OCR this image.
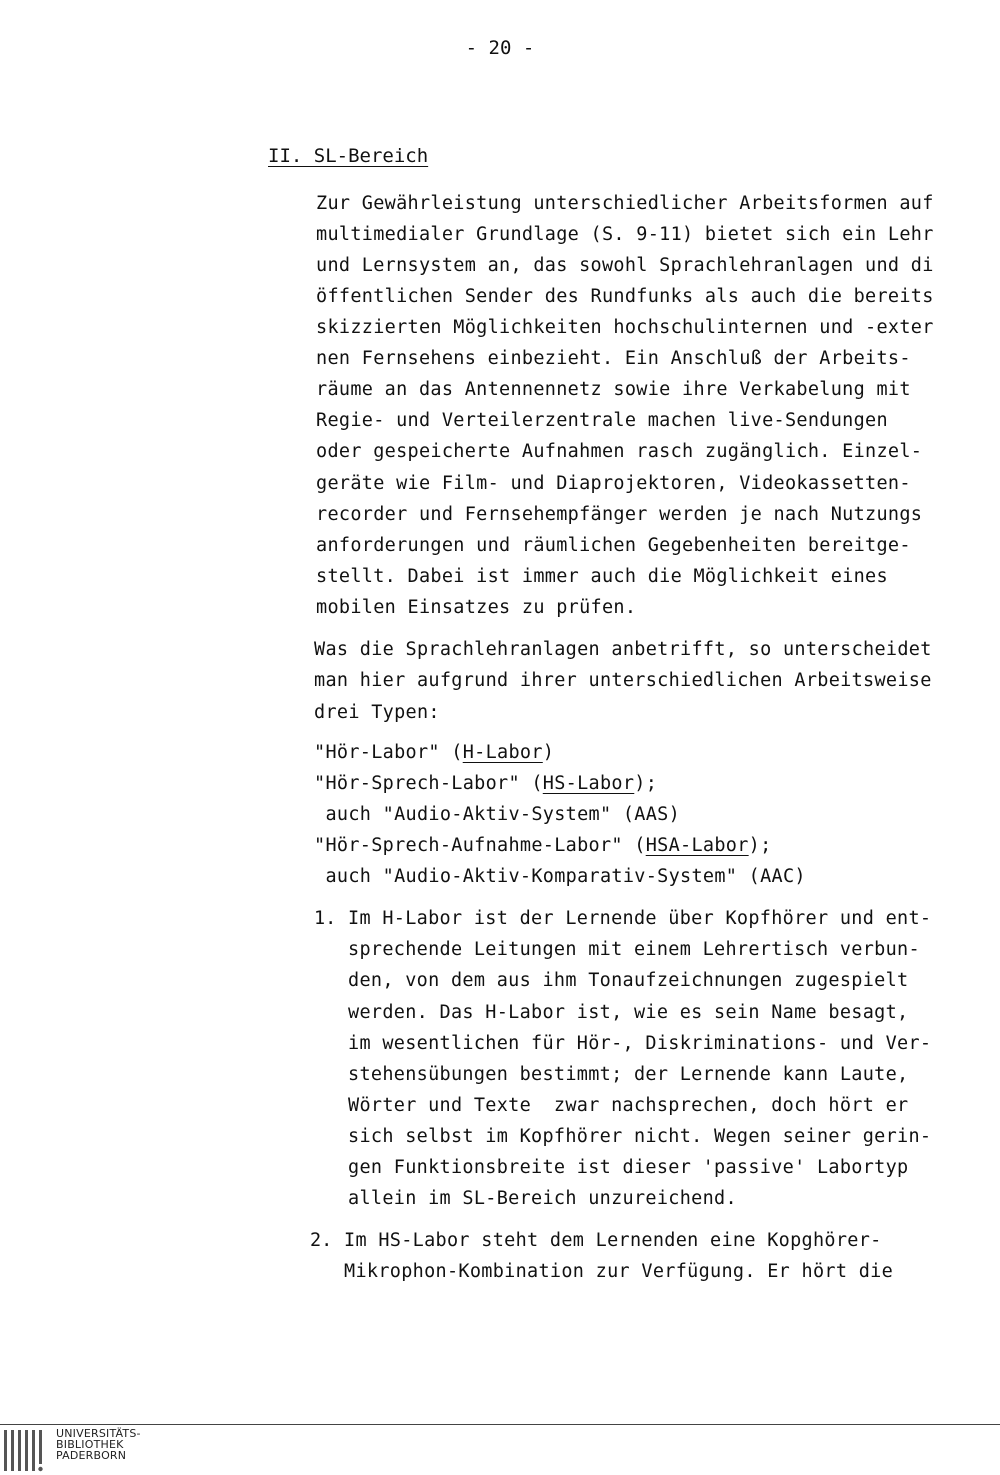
- 20 -
II. SL-Bereich
Zur Gewährleistung unterschiedlicher Arbeitsformen auf
multimedialer Grundlage (S. 9-11) bietet sich ein Lehr
und Lernsystem an, das sowohl Sprachlehranlagen und di
öffentlichen Sender des Rundfunks als auch die bereits
skizzierten Möglichkeiten hochschulinternen und -exter
nen Fernsehens einbezieht. Ein Anschluß der Arbeits-
räume an das Antennennetz sowie ihre Verkabelung mit
Regie- und Verteilerzentrale machen live-Sendungen
oder gespeicherte Aufnahmen rasch zugänglich. Einzel-
geräte wie Film- und Diaprojektoren, Videokassetten-
recorder und Fernsehempfänger werden je nach Nutzungs
anforderungen und räumlichen Gegebenheiten bereitge-
stellt. Dabei ist immer auch die Möglichkeit eines
mobilen Einsatzes zu prüfen.
Was die Sprachlehranlagen anbetrifft, so unterscheidet
man hier aufgrund ihrer unterschiedlichen Arbeitsweise
drei Typen:
"Hör-Labor" (H-Labor)
"Hör-Sprech-Labor" (HS-Labor);
auch "Audio-Aktiv-System" (AAS)
"Hör-Sprech-Aufnahme-Labor" (HSA-Labor);
auch "Audio-Aktiv-Komparativ-System" (AAC)
1. Im H-Labor ist der Lernende über Kopfhörer und ent-
sprechende Leitungen mit einem Lehrertisch verbun-
den, von dem aus ihm Tonaufzeichnungen zugespielt
werden. Das H-Labor ist, wie es sein Name besagt,
im wesentlichen für Hör-, Diskriminations- und Ver-
stehensübungen bestimmt; der Lernende kann Laute,
Wörter und Texte  zwar nachsprechen, doch hört er
sich selbst im Kopfhörer nicht. Wegen seiner gerin-
gen Funktionsbreite ist dieser 'passive' Labortyp
allein im SL-Bereich unzureichend.
2. Im HS-Labor steht dem Lernenden eine Kopghörer-
Mikrophon-Kombination zur Verfügung. Er hört die
UNIVERSITÄTS-
BIBLIOTHEK
PADERBORN
